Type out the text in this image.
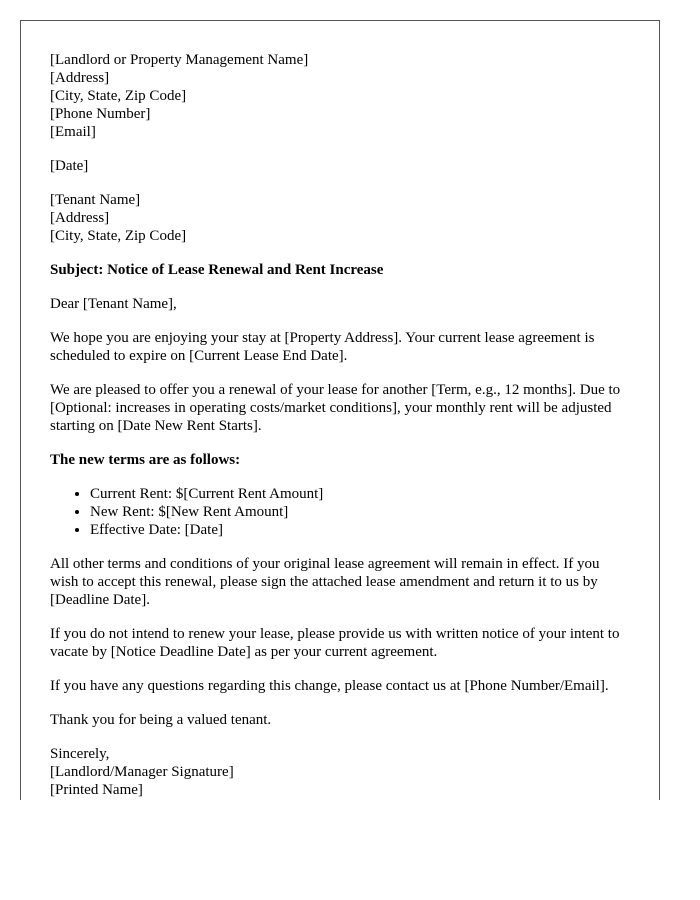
[Landlord or Property Management Name]
[Address]
[City, State, Zip Code]
[Phone Number]
[Email]
[Date]
[Tenant Name]
[Address]
[City, State, Zip Code]
Subject: Notice of Lease Renewal and Rent Increase

Dear [Tenant Name],

We hope you are enjoying your stay at [Property Address]. Your current lease agreement is scheduled to expire on [Current Lease End Date].

We are pleased to offer you a renewal of your lease for another [Term, e.g., 12 months]. Due to [Optional: increases in operating costs/market conditions], your monthly rent will be adjusted starting on [Date New Rent Starts].

The new terms are as follows:
• Current Rent: $[Current Rent Amount]
• New Rent: $[New Rent Amount]
• Effective Date: [Date]

All other terms and conditions of your original lease agreement will remain in effect. If you wish to accept this renewal, please sign the attached lease amendment and return it to us by [Deadline Date].

If you do not intend to renew your lease, please provide us with written notice of your intent to vacate by [Notice Deadline Date] as per your current agreement.

If you have any questions regarding this change, please contact us at [Phone Number/Email].

Thank you for being a valued tenant.

Sincerely,
[Landlord/Manager Signature]
[Printed Name]
